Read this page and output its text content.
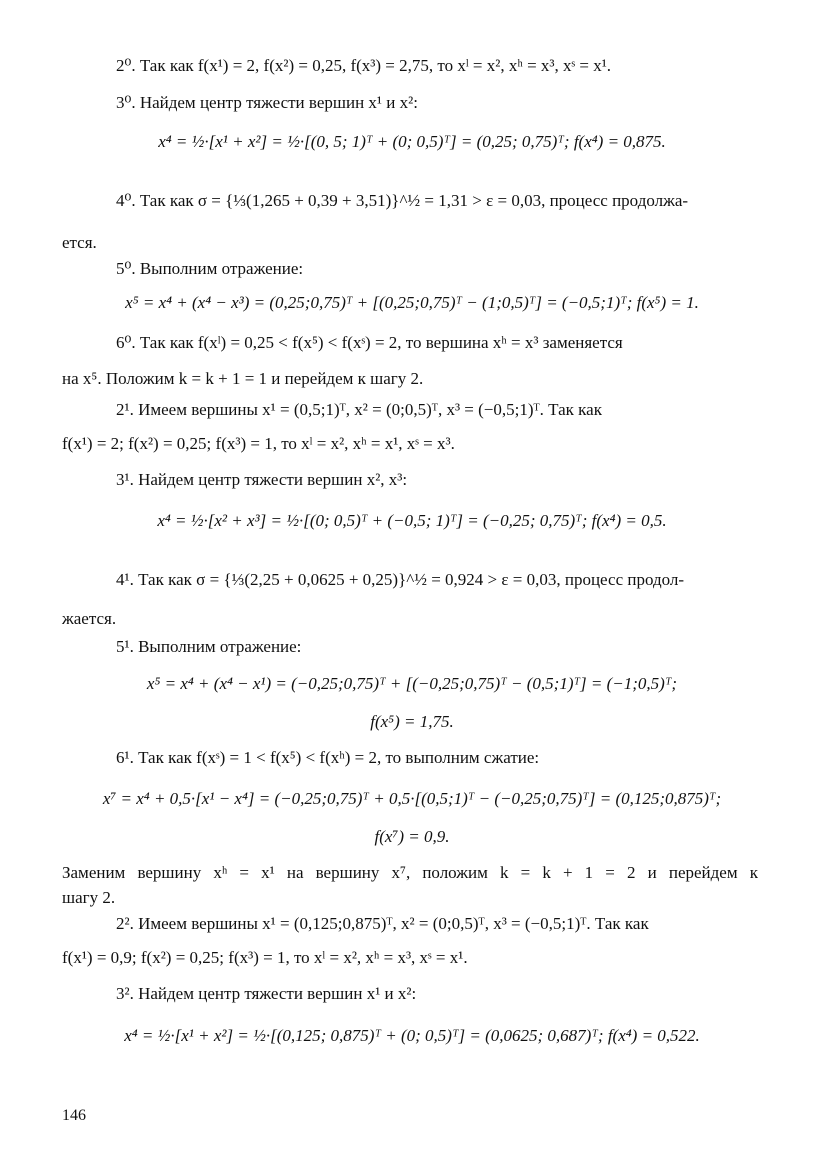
2⁰. Так как f(x¹) = 2, f(x²) = 0,25, f(x³) = 2,75, то xˡ = x², xʰ = x³, xˢ = x¹.
3⁰. Найдем центр тяжести вершин x¹ и x²:
x⁴ = ½·[x¹ + x²] = ½·[(0, 5; 1)ᵀ + (0; 0,5)ᵀ] = (0,25; 0,75)ᵀ; f(x⁴) = 0,875.
4⁰. Так как σ = {⅓(1,265 + 0,39 + 3,51)}^½ = 1,31 > ε = 0,03, процесс продолжа-
ется.
5⁰. Выполним отражение:
x⁵ = x⁴ + (x⁴ − x³) = (0,25;0,75)ᵀ + [(0,25;0,75)ᵀ − (1;0,5)ᵀ] = (−0,5;1)ᵀ; f(x⁵) = 1.
6⁰. Так как f(xˡ) = 0,25 < f(x⁵) < f(xˢ) = 2, то вершина xʰ = x³ заменяется
на x⁵. Положим k = k + 1 = 1 и перейдем к шагу 2.
2¹. Имеем вершины x¹ = (0,5;1)ᵀ, x² = (0;0,5)ᵀ, x³ = (−0,5;1)ᵀ. Так как
f(x¹) = 2; f(x²) = 0,25; f(x³) = 1, то xˡ = x², xʰ = x¹, xˢ = x³.
3¹. Найдем центр тяжести вершин x², x³:
x⁴ = ½·[x² + x³] = ½·[(0; 0,5)ᵀ + (−0,5; 1)ᵀ] = (−0,25; 0,75)ᵀ; f(x⁴) = 0,5.
4¹. Так как σ = {⅓(2,25 + 0,0625 + 0,25)}^½ = 0,924 > ε = 0,03, процесс продол-
жается.
5¹. Выполним отражение:
x⁵ = x⁴ + (x⁴ − x¹) = (−0,25;0,75)ᵀ + [(−0,25;0,75)ᵀ − (0,5;1)ᵀ] = (−1;0,5)ᵀ;
f(x⁵) = 1,75.
6¹. Так как f(xˢ) = 1 < f(x⁵) < f(xʰ) = 2, то выполним сжатие:
x⁷ = x⁴ + 0,5·[x¹ − x⁴] = (−0,25;0,75)ᵀ + 0,5·[(0,5;1)ᵀ − (−0,25;0,75)ᵀ] = (0,125;0,875)ᵀ;
f(x⁷) = 0,9.
Заменим вершину xʰ = x¹ на вершину x⁷, положим k = k + 1 = 2 и перейдем к
шагу 2.
2². Имеем вершины x¹ = (0,125;0,875)ᵀ, x² = (0;0,5)ᵀ, x³ = (−0,5;1)ᵀ. Так как
f(x¹) = 0,9; f(x²) = 0,25; f(x³) = 1, то xˡ = x², xʰ = x³, xˢ = x¹.
3². Найдем центр тяжести вершин x¹ и x²:
x⁴ = ½·[x¹ + x²] = ½·[(0,125; 0,875)ᵀ + (0; 0,5)ᵀ] = (0,0625; 0,687)ᵀ; f(x⁴) = 0,522.
146
